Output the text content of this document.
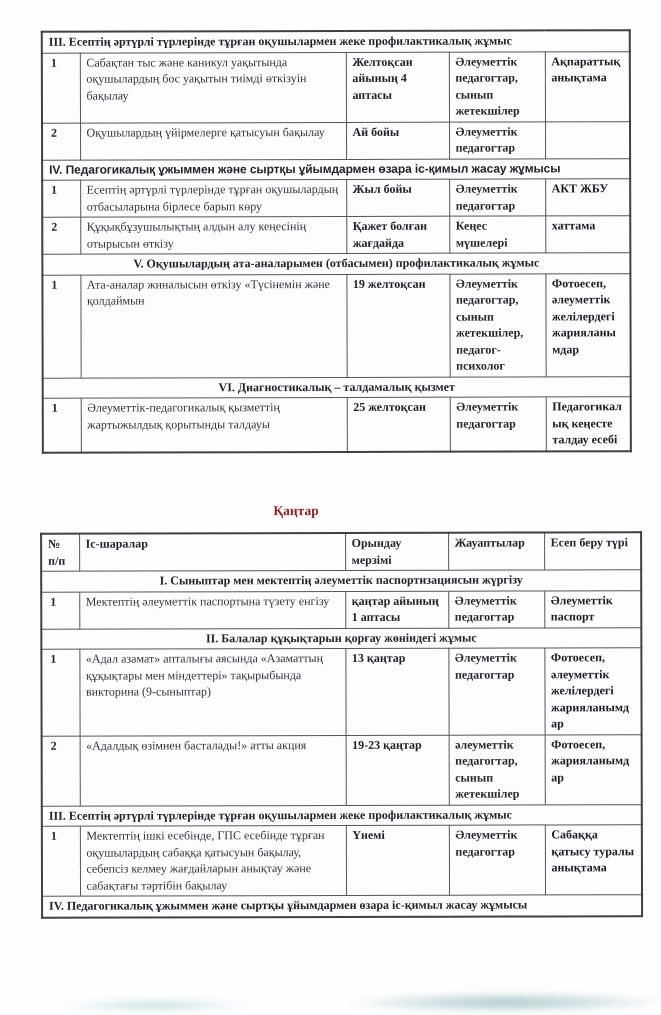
ІІІ. Есептің әртүрлі түрлерінде тұрған оқушылармен жеке профилактикалық жұмыс				
1	Сабақтан тыс және каникул уақытында оқушылардың бос уақытын тиімді өткізуін бақылау	Желтоқсан айының 4 аптасы	Әлеуметтік педагогтар, сынып жетекшілер	Ақпараттық анықтама
2	Оқушылардың үйірмелерге қатысуын бақылау	Ай бойы	Әлеуметтік педагогтар	
IV. Педагогикалық ұжыммен және сыртқы ұйымдармен өзара іс-қимыл жасау жұмысы				
1	Есептің әртүрлі түрлерінде тұрған оқушылардың отбасыларына бірлесе барып көру	Жыл бойы	Әлеуметтік педагогтар	АКТ ЖБУ
2	Құқықбұзушылықтың алдын алу кеңесінің отырысын өткізу	Қажет болған жағдайда	Кеңес мүшелері	хаттама
V. Оқушылардың ата-аналарымен (отбасымен) профилактикалық жұмыс				
1	Ата-аналар жиналысын өткізу «Түсінемін және қолдаймын	19 желтоқсан	Әлеуметтік педагогтар, сынып жетекшілер, педагог-психолог	Фотоесеп, әлеуметтік желілердегі жарияланымдар
VI. Диагностикалық – талдамалық қызмет				
1	Әлеуметтік-педагогикалық қызметтің жартыжылдық қорытынды талдауы	25 желтоқсан	Әлеуметтік педагогтар	Педагогикалық кеңесте талдау есебі
Қаңтар
№ п/п	Іс-шаралар	Орындау мерзімі	Жауаптылар	Есеп беру түрі
І. Сыныптар мен мектептің әлеуметтік паспортизациясын жүргізу				
1	Мектептің әлеуметтік паспортына түзету енгізу	қаңтар айының 1 аптасы	Әлеуметтік педагогтар	Әлеуметтік паспорт
ІІ. Балалар құқықтарын қорғау жөніндегі жұмыс				
1	«Адал азамат» апталығы аясында «Азаматтың құқықтары мен міндеттері» тақырыбында викторина (9-сыныптар)	13 қаңтар	Әлеуметтік педагогтар	Фотоесеп, әлеуметтік желілердегі жарияланымдар
2	«Адалдық өзімнен басталады!» атты акция	19-23 қаңтар	әлеуметтік педагогтар, сынып жетекшілер	Фотоесеп, жарияланымдар
ІІІ. Есептің әртүрлі түрлерінде тұрған оқушылармен жеке профилактикалық жұмыс				
1	Мектептің ішкі есебінде, ГПС есебінде тұрған оқушылардың сабаққа қатысуын бақылау, себепсіз келмеу жағдайларын анықтау және сабақтағы тәртібін бақылау	Үнемі	Әлеуметтік педагогтар	Сабаққа қатысу туралы анықтама
IV. Педагогикалық ұжыммен және сыртқы ұйымдармен өзара іс-қимыл жасау жұмысы				
